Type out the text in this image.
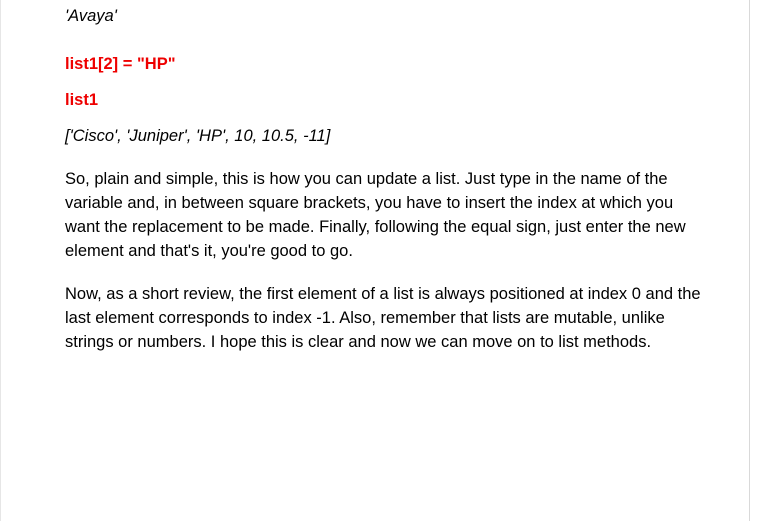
'Avaya'

list1[2] = "HP"

list1

['Cisco', 'Juniper', 'HP', 10, 10.5, -11]

So, plain and simple, this is how you can update a list. Just type in the name of the variable and, in between square brackets, you have to insert the index at which you want the replacement to be made. Finally, following the equal sign, just enter the new element and that's it, you're good to go.

Now, as a short review, the first element of a list is always positioned at index 0 and the last element corresponds to index -1. Also, remember that lists are mutable, unlike strings or numbers. I hope this is clear and now we can move on to list methods.
